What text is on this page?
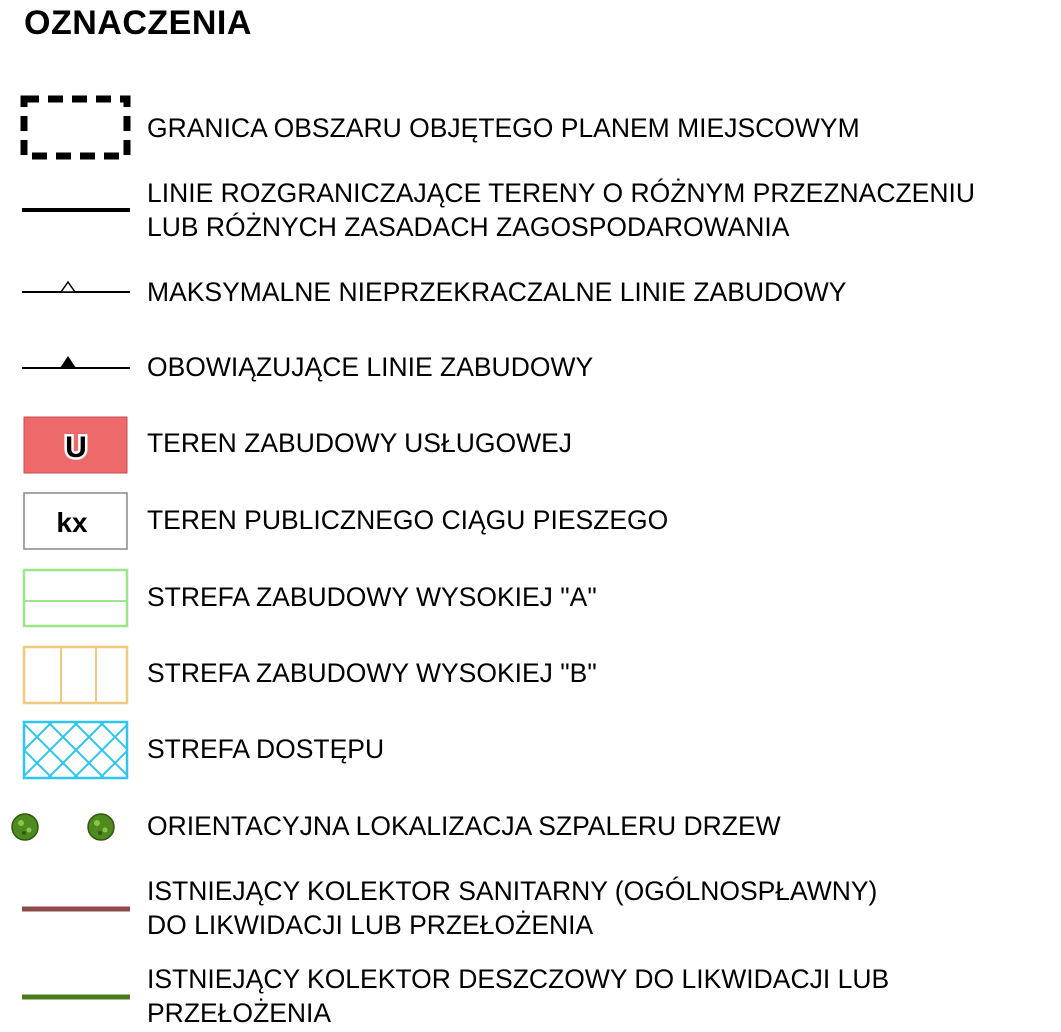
OZNACZENIA
GRANICA OBSZARU OBJĘTEGO PLANEM MIEJSCOWYM
LINIE ROZGRANICZAJĄCE TERENY O RÓŻNYM PRZEZNACZENIU
LUB RÓŻNYCH ZASADACH ZAGOSPODAROWANIA
MAKSYMALNE NIEPRZEKRACZALNE LINIE ZABUDOWY
OBOWIĄZUJĄCE LINIE ZABUDOWY
U TEREN ZABUDOWY USŁUGOWEJ
kx TEREN PUBLICZNEGO CIĄGU PIESZEGO
STREFA ZABUDOWY WYSOKIEJ "A"
STREFA ZABUDOWY WYSOKIEJ "B"
STREFA DOSTĘPU
ORIENTACYJNA LOKALIZACJA SZPALERU DRZEW
ISTNIEJĄCY KOLEKTOR SANITARNY (OGÓLNOSPŁAWNY)
DO LIKWIDACJI LUB PRZEŁOŻENIA
ISTNIEJĄCY KOLEKTOR DESZCZOWY DO LIKWIDACJI LUB
PRZEŁOŻENIA
